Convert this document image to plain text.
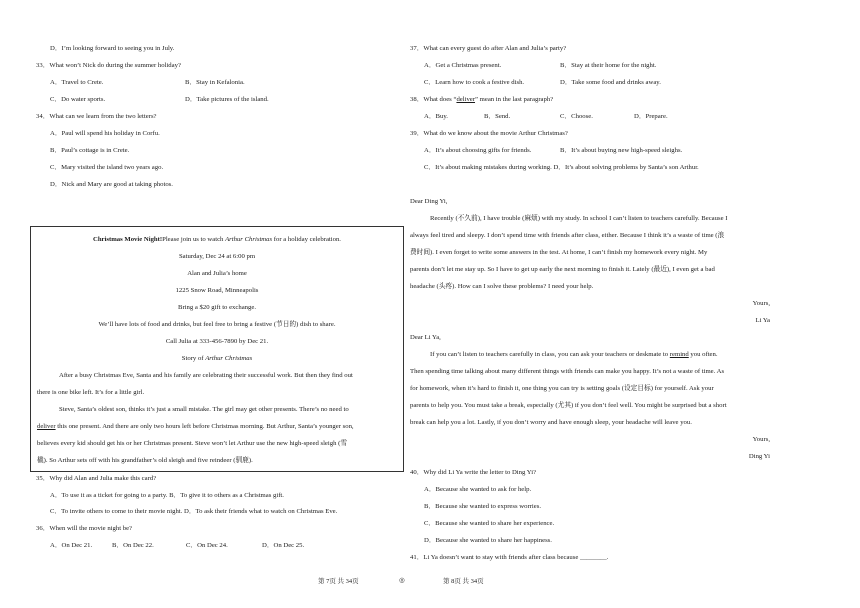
D．I’m looking forward to seeing you in July.
33．What won’t Nick do during the summer holiday?
A．Travel to Crete.	B．Stay in Kefalonia.
C．Do water sports.	D．Take pictures of the island.
34．What can we learn from the two letters?
A．Paul will spend his holiday in Corfu.
B．Paul’s cottage is in Crete.
C．Mary visited the island two years ago.
D．Nick and Mary are good at taking photos.
35．Why did Alan and Julia make this card?
A．To use it as a ticket for going to a party. B．To give it to others as a Christmas gift.
C．To invite others to come to their movie night. D．To ask their friends what to watch on Christmas Eve.
36．When will the movie night be?
A．On Dec 21.	B．On Dec 22.	C．On Dec 24.	D．On Dec 25.
Christmas Movie Night!Please join us to watch Arthur Christmas for a holiday celebration.
Saturday, Dec 24 at 6:00 pm
Alan and Julia’s home
1225 Snow Road, Minneapolis
Bring a $20 gift to exchange.
We’ll have lots of food and drinks, but feel free to bring a festive (节日的) dish to share.
Call Julia at 333-456-7890 by Dec 21.
Story of Arthur Christmas
After a busy Christmas Eve, Santa and his family are celebrating their successful work. But then they find out
there is one bike left. It’s for a little girl.
Steve, Santa’s oldest son, thinks it’s just a small mistake. The girl may get other presents. There’s no need to
deliver this one present. And there are only two hours left before Christmas morning. But Arthur, Santa’s younger son,
believes every kid should get his or her Christmas present. Steve won’t let Arthur use the new high-speed sleigh (雪
橇). So Arthur sets off with his grandfather’s old sleigh and five reindeer (驯鹿).
37．What can every guest do after Alan and Julia’s party?
A．Get a Christmas present.	B．Stay at their home for the night.
C．Learn how to cook a festive dish.	D．Take some food and drinks away.
38．What does “deliver” mean in the last paragraph?
A．Buy.	B．Send.	C．Choose.	D．Prepare.
39．What do we know about the movie Arthur Christmas?
A．It’s about choosing gifts for friends.	B．It’s about buying new high-speed sleighs.
C．It’s about making mistakes during working. D．It’s about solving problems by Santa’s son Arthur.
Dear Ding Yi,
Recently (不久前), I have trouble (麻烦) with my study. In school I can’t listen to teachers carefully. Because I
always feel tired and sleepy. I don’t spend time with friends after class, either. Because I think it’s a waste of time (浪
费时间). I even forget to write some answers in the test. At home, I can’t finish my homework every night. My
parents don’t let me stay up. So I have to get up early the next morning to finish it. Lately (最近), I even get a bad
headache (头疼). How can I solve these problems? I need your help.
Yours,
Li Ya
Dear Li Ya,
If you can’t listen to teachers carefully in class, you can ask your teachers or deskmate to remind you often.
Then spending time talking about many different things with friends can make you happy. It’s not a waste of time. As
for homework, when it’s hard to finish it, one thing you can try is setting goals (设定目标) for yourself. Ask your
parents to help you. You must take a break, especially (尤其) if you don’t feel well. You might be surprised but a short
break can help you a lot. Lastly, if you don’t worry and have enough sleep, your headache will leave you.
Yours,
Ding Yi
40．Why did Li Ya write the letter to Ding Yi?
A．Because she wanted to ask for help.
B．Because she wanted to express worries.
C．Because she wanted to share her experience.
D．Because she wanted to share her happiness.
41．Li Ya doesn’t want to stay with friends after class because ________.
第 7页 共 34页	◎	第 8页 共 34页
